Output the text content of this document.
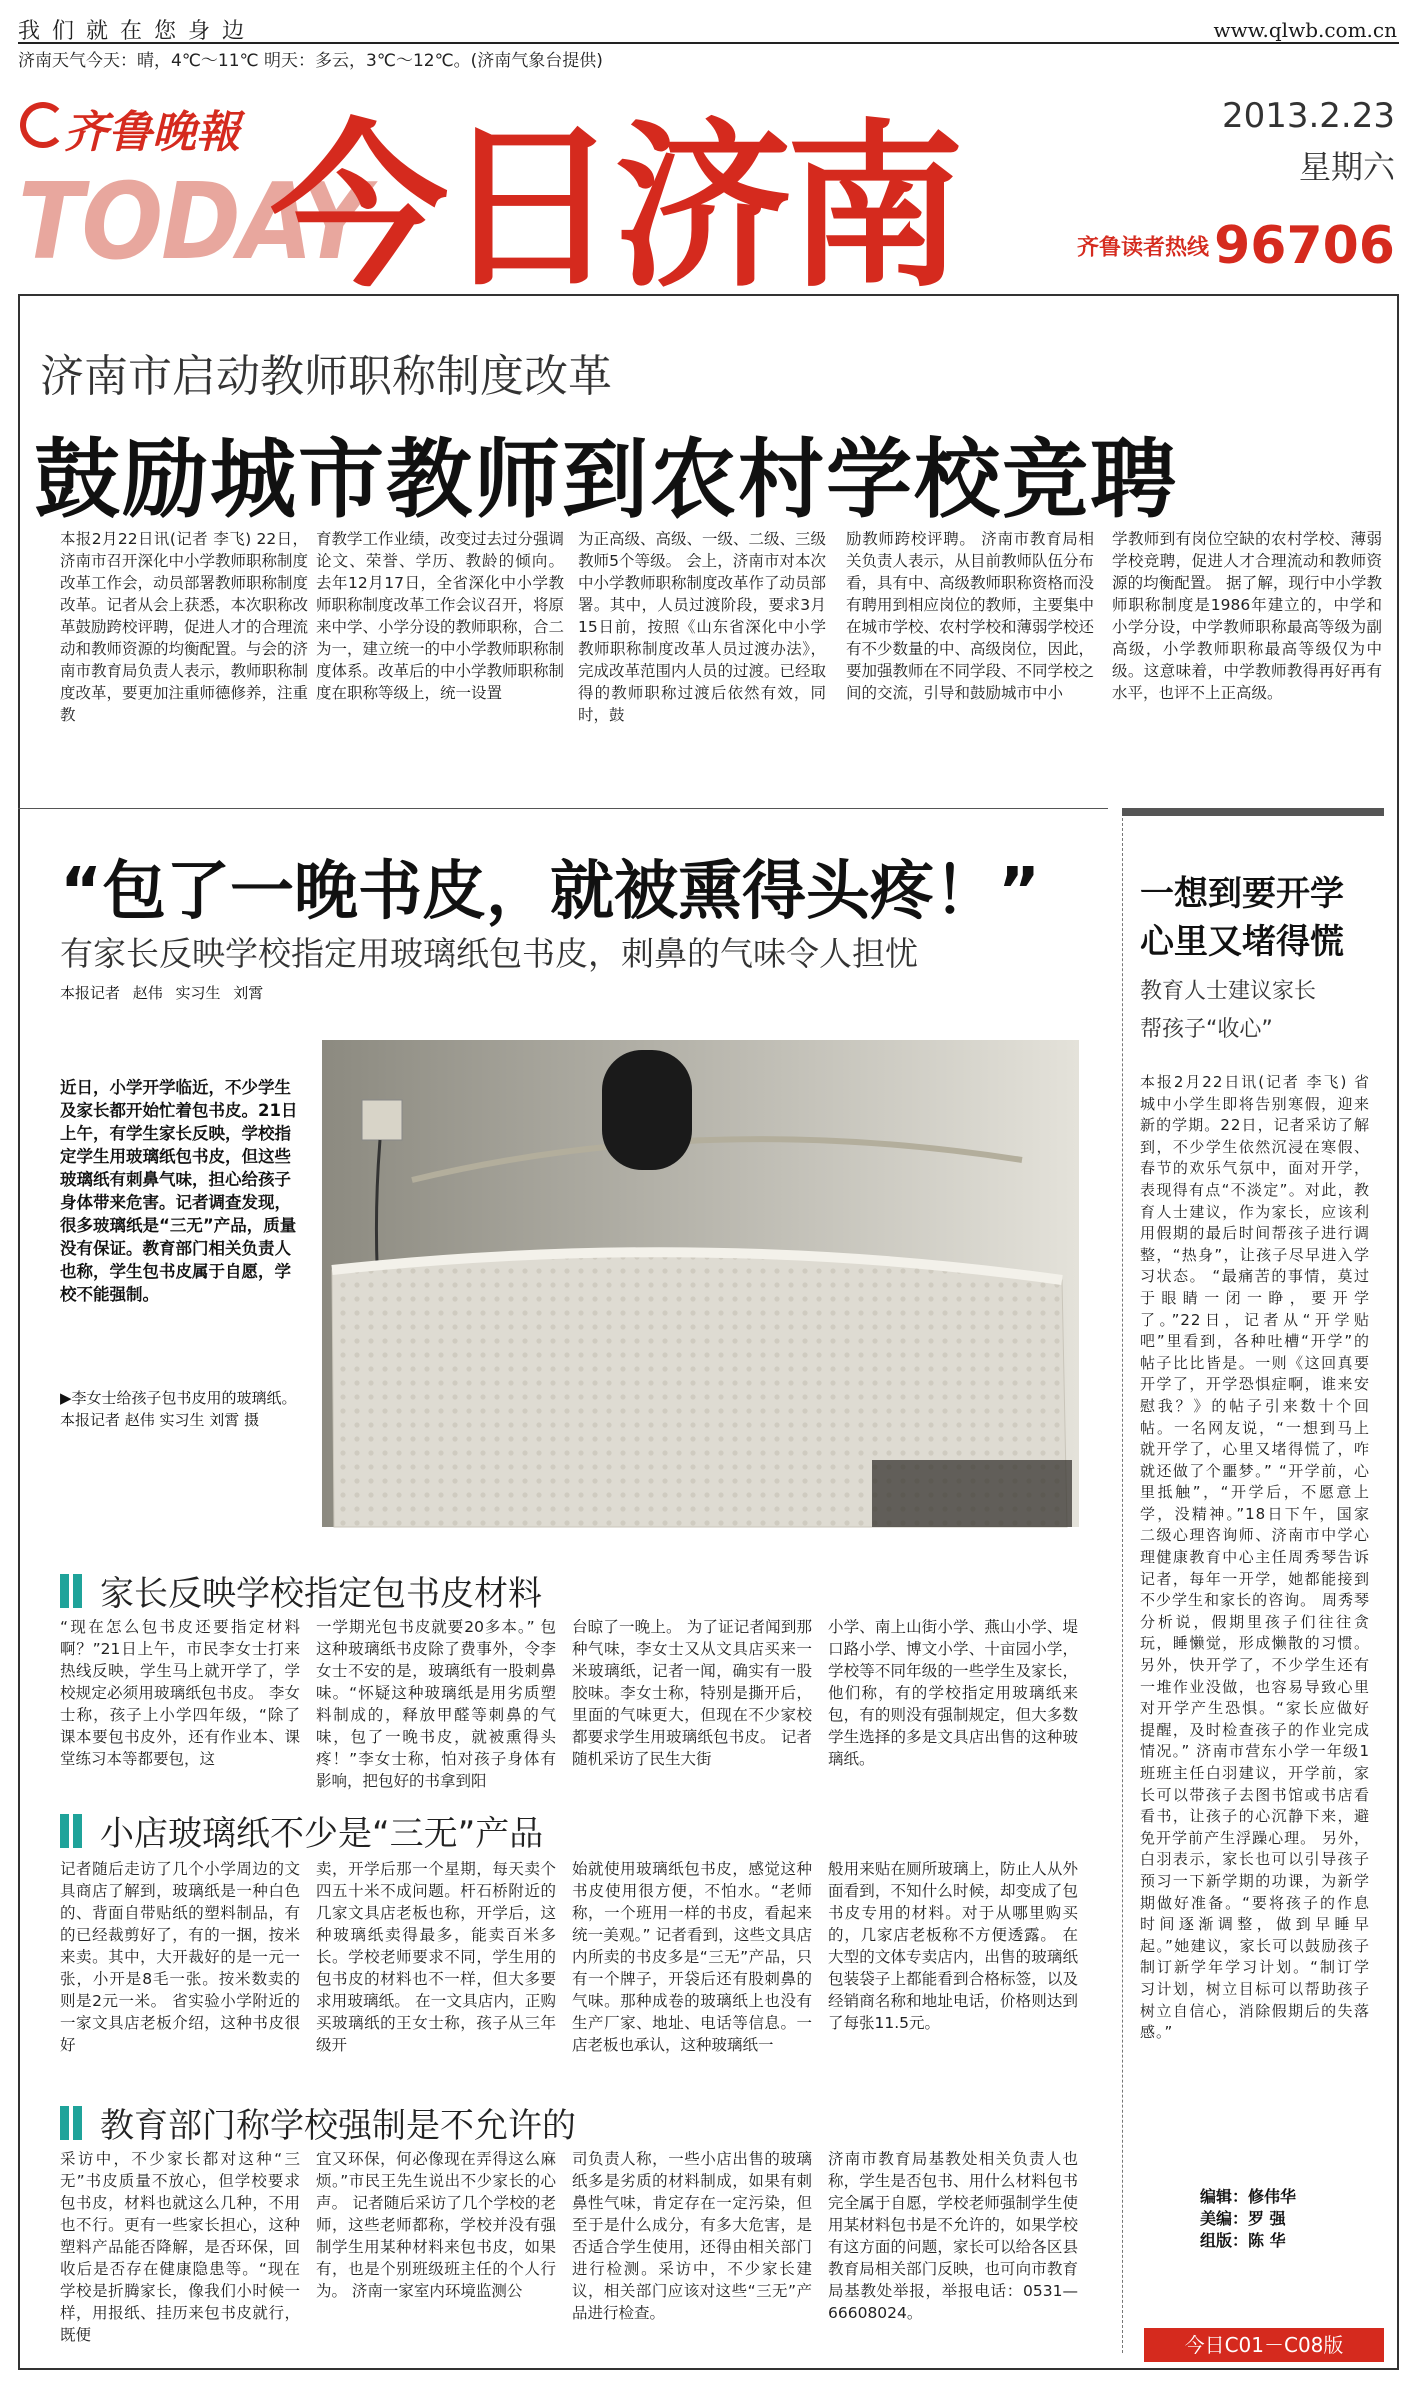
我们就在您身边	www.qlwb.com.cn
济南天气今天：晴，4℃～11℃ 明天：多云，3℃～12℃。(济南气象台提供)
齐鲁晚報
TODAY
今日济南	2013.2.23
星期六
齐鲁读者热线 96706
济南市启动教师职称制度改革
鼓励城市教师到农村学校竞聘
本报2月22日讯(记者 李飞) 22日，济南市召开深化中小学教师职称制度改革工作会，动员部署教师职称制度改革。记者从会上获悉，本次职称改革鼓励跨校评聘，促进人才的合理流动和教师资源的均衡配置。与会的济南市教育局负责人表示，教师职称制度改革，要更加注重师德修养，注重教
育教学工作业绩，改变过去过分强调论文、荣誉、学历、教龄的倾向。 去年12月17日，全省深化中小学教师职称制度改革工作会议召开，将原来中学、小学分设的教师职称，合二为一，建立统一的中小学教师职称制度体系。改革后的中小学教师职称制度在职称等级上，统一设置
为正高级、高级、一级、二级、三级教师5个等级。 会上，济南市对本次中小学教师职称制度改革作了动员部署。其中，人员过渡阶段，要求3月15日前，按照《山东省深化中小学教师职称制度改革人员过渡办法》，完成改革范围内人员的过渡。已经取得的教师职称过渡后依然有效，同时，鼓
励教师跨校评聘。 济南市教育局相关负责人表示，从目前教师队伍分布看，具有中、高级教师职称资格而没有聘用到相应岗位的教师，主要集中在城市学校、农村学校和薄弱学校还有不少数量的中、高级岗位，因此，要加强教师在不同学段、不同学校之间的交流，引导和鼓励城市中小
学教师到有岗位空缺的农村学校、薄弱学校竞聘，促进人才合理流动和教师资源的均衡配置。 据了解，现行中小学教师职称制度是1986年建立的，中学和小学分设，中学教师职称最高等级为副高级，小学教师职称最高等级仅为中级。这意味着，中学教师教得再好再有水平，也评不上正高级。
“包了一晚书皮，就被熏得头疼！”
有家长反映学校指定用玻璃纸包书皮，刺鼻的气味令人担忧
本报记者 赵伟 实习生 刘霄
近日，小学开学临近，不少学生及家长都开始忙着包书皮。21日上午，有学生家长反映，学校指定学生用玻璃纸包书皮，但这些玻璃纸有刺鼻气味，担心给孩子身体带来危害。记者调查发现，很多玻璃纸是“三无”产品，质量没有保证。教育部门相关负责人也称，学生包书皮属于自愿，学校不能强制。
▶李女士给孩子包书皮用的玻璃纸。
本报记者 赵伟 实习生 刘霄 摄
家长反映学校指定包书皮材料
“现在怎么包书皮还要指定材料啊？”21日上午，市民李女士打来热线反映，学生马上就开学了，学校规定必须用玻璃纸包书皮。 李女士称，孩子上小学四年级，“除了课本要包书皮外，还有作业本、课堂练习本等都要包，这
一学期光包书皮就要20多本。” 包这种玻璃纸书皮除了费事外，令李女士不安的是，玻璃纸有一股刺鼻味。“怀疑这种玻璃纸是用劣质塑料制成的，释放甲醛等刺鼻的气味，包了一晚书皮，就被熏得头疼！”李女士称，怕对孩子身体有影响，把包好的书拿到阳
台晾了一晚上。 为了证记者闻到那种气味，李女士又从文具店买来一米玻璃纸，记者一闻，确实有一股胶味。李女士称，特别是撕开后，里面的气味更大，但现在不少家校都要求学生用玻璃纸包书皮。 记者随机采访了民生大街
小学、南上山街小学、燕山小学、堤口路小学、博文小学、十亩园小学，学校等不同年级的一些学生及家长，他们称，有的学校指定用玻璃纸来包，有的则没有强制规定，但大多数学生选择的多是文具店出售的这种玻璃纸。
小店玻璃纸不少是“三无”产品
记者随后走访了几个小学周边的文具商店了解到，玻璃纸是一种白色的、背面自带贴纸的塑料制品，有的已经裁剪好了，有的一捆，按米来卖。其中，大开裁好的是一元一张，小开是8毛一张。按米数卖的则是2元一米。 省实验小学附近的一家文具店老板介绍，这种书皮很好
卖，开学后那一个星期，每天卖个四五十米不成问题。杆石桥附近的几家文具店老板也称，开学后，这种玻璃纸卖得最多，能卖百米多长。学校老师要求不同，学生用的包书皮的材料也不一样，但大多要求用玻璃纸。 在一文具店内，正购买玻璃纸的王女士称，孩子从三年级开
始就使用玻璃纸包书皮，感觉这种书皮使用很方便，不怕水。“老师称，一个班用一样的书皮，看起来统一美观。” 记者看到，这些文具店内所卖的书皮多是“三无”产品，只有一个牌子，开袋后还有股刺鼻的气味。那种成卷的玻璃纸上也没有生产厂家、地址、电话等信息。一店老板也承认，这种玻璃纸一
般用来贴在厕所玻璃上，防止人从外面看到，不知什么时候，却变成了包书皮专用的材料。对于从哪里购买的，几家店老板称不方便透露。 在大型的文体专卖店内，出售的玻璃纸包装袋子上都能看到合格标签，以及经销商名称和地址电话，价格则达到了每张11.5元。
教育部门称学校强制是不允许的
采访中，不少家长都对这种“三无”书皮质量不放心，但学校要求包书皮，材料也就这么几种，不用也不行。更有一些家长担心，这种塑料产品能否降解，是否环保，回收后是否存在健康隐患等。“现在学校是折腾家长，像我们小时候一样，用报纸、挂历来包书皮就行，既便
宜又环保，何必像现在弄得这么麻烦。”市民王先生说出不少家长的心声。 记者随后采访了几个学校的老师，这些老师都称，学校并没有强制学生用某种材料来包书皮，如果有，也是个别班级班主任的个人行为。 济南一家室内环境监测公
司负责人称，一些小店出售的玻璃纸多是劣质的材料制成，如果有刺鼻性气味，肯定存在一定污染，但至于是什么成分，有多大危害，是否适合学生使用，还得由相关部门进行检测。采访中，不少家长建议，相关部门应该对这些“三无”产品进行检查。
济南市教育局基教处相关负责人也称，学生是否包书、用什么材料包书完全属于自愿，学校老师强制学生使用某材料包书是不允许的，如果学校有这方面的问题，家长可以给各区县教育局相关部门反映，也可向市教育局基教处举报，举报电话：0531—66608024。
一想到要开学
心里又堵得慌
教育人士建议家长
帮孩子“收心”
本报2月22日讯(记者 李飞) 省城中小学生即将告别寒假，迎来新的学期。22日，记者采访了解到，不少学生依然沉浸在寒假、春节的欢乐气氛中，面对开学，表现得有点“不淡定”。对此，教育人士建议，作为家长，应该利用假期的最后时间帮孩子进行调整，“热身”，让孩子尽早进入学习状态。 “最痛苦的事情，莫过于眼睛一闭一睁，要开学了。”22日，记者从“开学贴吧”里看到，各种吐槽“开学”的帖子比比皆是。一则《这回真要开学了，开学恐惧症啊，谁来安慰我？》的帖子引来数十个回帖。一名网友说，“一想到马上就开学了，心里又堵得慌了，咋就还做了个噩梦。” “开学前，心里抵触”，“开学后，不愿意上学，没精神。”18日下午，国家二级心理咨询师、济南市中学心理健康教育中心主任周秀琴告诉记者，每年一开学，她都能接到不少学生和家长的咨询。 周秀琴分析说，假期里孩子们往往贪玩，睡懒觉，形成懒散的习惯。另外，快开学了，不少学生还有一堆作业没做，也容易导致心里对开学产生恐惧。“家长应做好提醒，及时检查孩子的作业完成情况。” 济南市营东小学一年级1班班主任白羽建议，开学前，家长可以带孩子去图书馆或书店看看书，让孩子的心沉静下来，避免开学前产生浮躁心理。 另外，白羽表示，家长也可以引导孩子预习一下新学期的功课，为新学期做好准备。“要将孩子的作息时间逐渐调整，做到早睡早起。”她建议，家长可以鼓励孩子制订新学年学习计划。“制订学习计划，树立目标可以帮助孩子树立自信心，消除假期后的失落感。”
编辑：修伟华
美编：罗 强
组版：陈 华
今日C01－C08版
